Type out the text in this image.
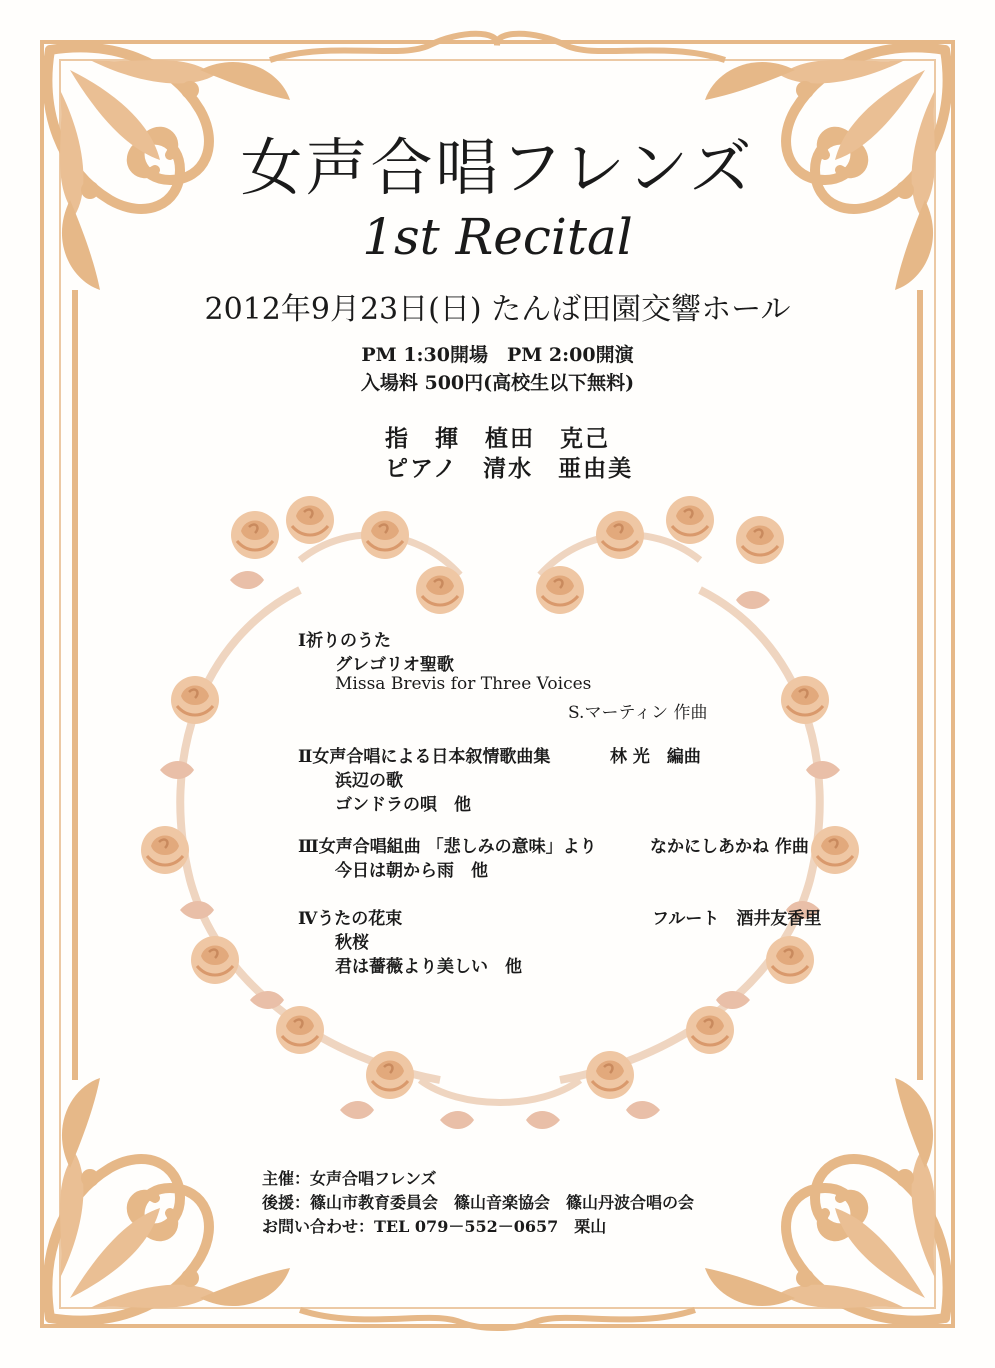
女声合唱フレンズ
1st Recital
2012年9月23日(日) たんば田園交響ホール
PM 1:30開場　PM 2:00開演
入場料 500円(高校生以下無料)
指　揮　 植田　克己
ピアノ　 清水　亜由美
Ⅰ祈りのうた
グレゴリオ聖歌
Missa Brevis for Three Voices
S.マーティン 作曲
Ⅱ女声合唱による日本叙情歌曲集	林 光　編曲
浜辺の歌
ゴンドラの唄　他
Ⅲ女声合唱組曲 「悲しみの意味」より	なかにしあかね 作曲
今日は朝から雨　他
Ⅳうたの花束	フルート　酒井友香里
秋桜
君は薔薇より美しい　他
主催：女声合唱フレンズ
後援：篠山市教育委員会　篠山音楽協会　篠山丹波合唱の会
お問い合わせ：TEL 079－552－0657　栗山
